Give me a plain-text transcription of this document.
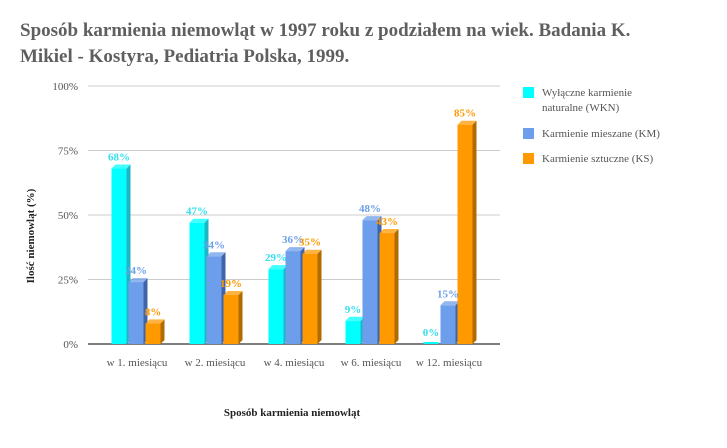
Sposób karmienia niemowląt w 1997 roku z podziałem na wiek. Badania K. Mikiel - Kostyra, Pediatria Polska, 1999.
0%
25%
50%
75%
100%
68%
24%
8%
47%
34%
19%
29%
36%
35%
9%
48%
43%
0%
15%
85%
w 1. miesiącu w 2. miesiącu w 4. miesiącu w 6. miesiącu w 12. miesiącu
Ilość niemowląt (%)
Sposób karmienia niemowląt
Wyłączne karmienie naturalne (WKN)
Karmienie mieszane (KM)
Karmienie sztuczne (KS)
